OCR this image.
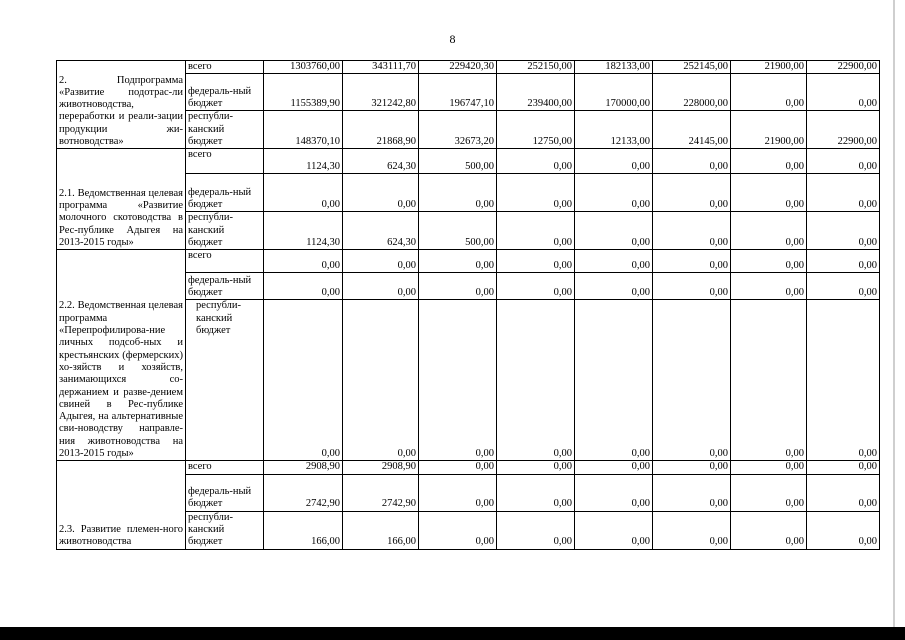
8
2. Подпрограмма «Развитие подотрас-ли животноводства, переработки и реали-зации продукции жи-вотноводства»	всего	1303760,00	343111,70	229420,30	252150,00	182133,00	252145,00	21900,00	22900,00
	федераль-ный бюджет	1155389,90	321242,80	196747,10	239400,00	170000,00	228000,00	0,00	0,00
	республи-канский бюджет	148370,10	21868,90	32673,20	12750,00	12133,00	24145,00	21900,00	22900,00
2.1. Ведомственная целевая программа «Развитие молочного скотоводства в Рес-публике Адыгея на 2013-2015 годы»	всего	1124,30	624,30	500,00	0,00	0,00	0,00	0,00	0,00
	федераль-ный бюджет	0,00	0,00	0,00	0,00	0,00	0,00	0,00	0,00
	республи-канский бюджет	1124,30	624,30	500,00	0,00	0,00	0,00	0,00	0,00
2.2. Ведомственная целевая программа «Перепрофилирова-ние личных подсоб-ных и крестьянских (фермерских) хо-зяйств и хозяйств, занимающихся со-держанием и разве-дением свиней в Рес-публике Адыгея, на альтернативные сви-новодству направле-ния животноводства на 2013-2015 годы»	всего	0,00	0,00	0,00	0,00	0,00	0,00	0,00	0,00
	федераль-ный бюджет	0,00	0,00	0,00	0,00	0,00	0,00	0,00	0,00
	республи-канский бюджет	0,00	0,00	0,00	0,00	0,00	0,00	0,00	0,00
2.3. Развитие племен-ного животноводства	всего	2908,90	2908,90	0,00	0,00	0,00	0,00	0,00	0,00
	федераль-ный бюджет	2742,90	2742,90	0,00	0,00	0,00	0,00	0,00	0,00
	республи-канский бюджет	166,00	166,00	0,00	0,00	0,00	0,00	0,00	0,00
